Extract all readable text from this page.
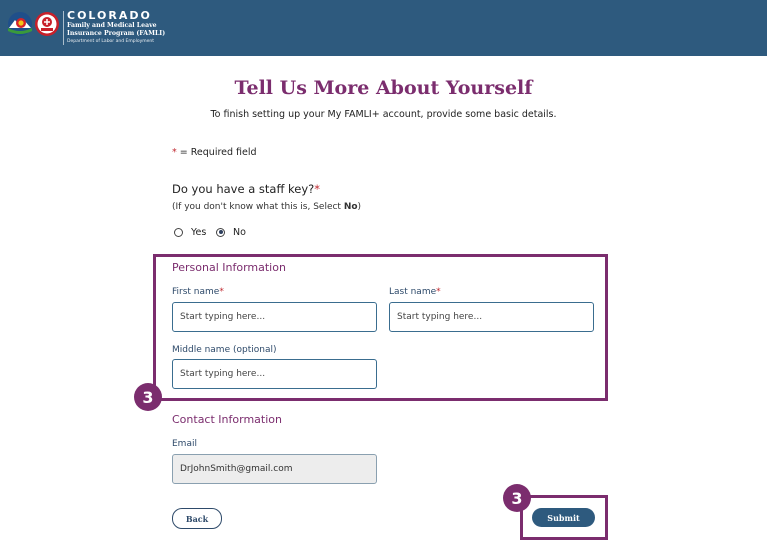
COLORADO
Family and Medical Leave
Insurance Program (FAMLI)
Department of Labor and Employment
Tell Us More About Yourself
To finish setting up your My FAMLI+ account, provide some basic details.
* = Required field
Do you have a staff key?*
(If you don't know what this is, Select No)
Yes	No
3
Personal Information
First name*
Start typing here...	Last name*
Start typing here...
Middle name (optional)
Start typing here...
Contact Information
Email
DrJohnSmith@gmail.com
Back
3
Submit
